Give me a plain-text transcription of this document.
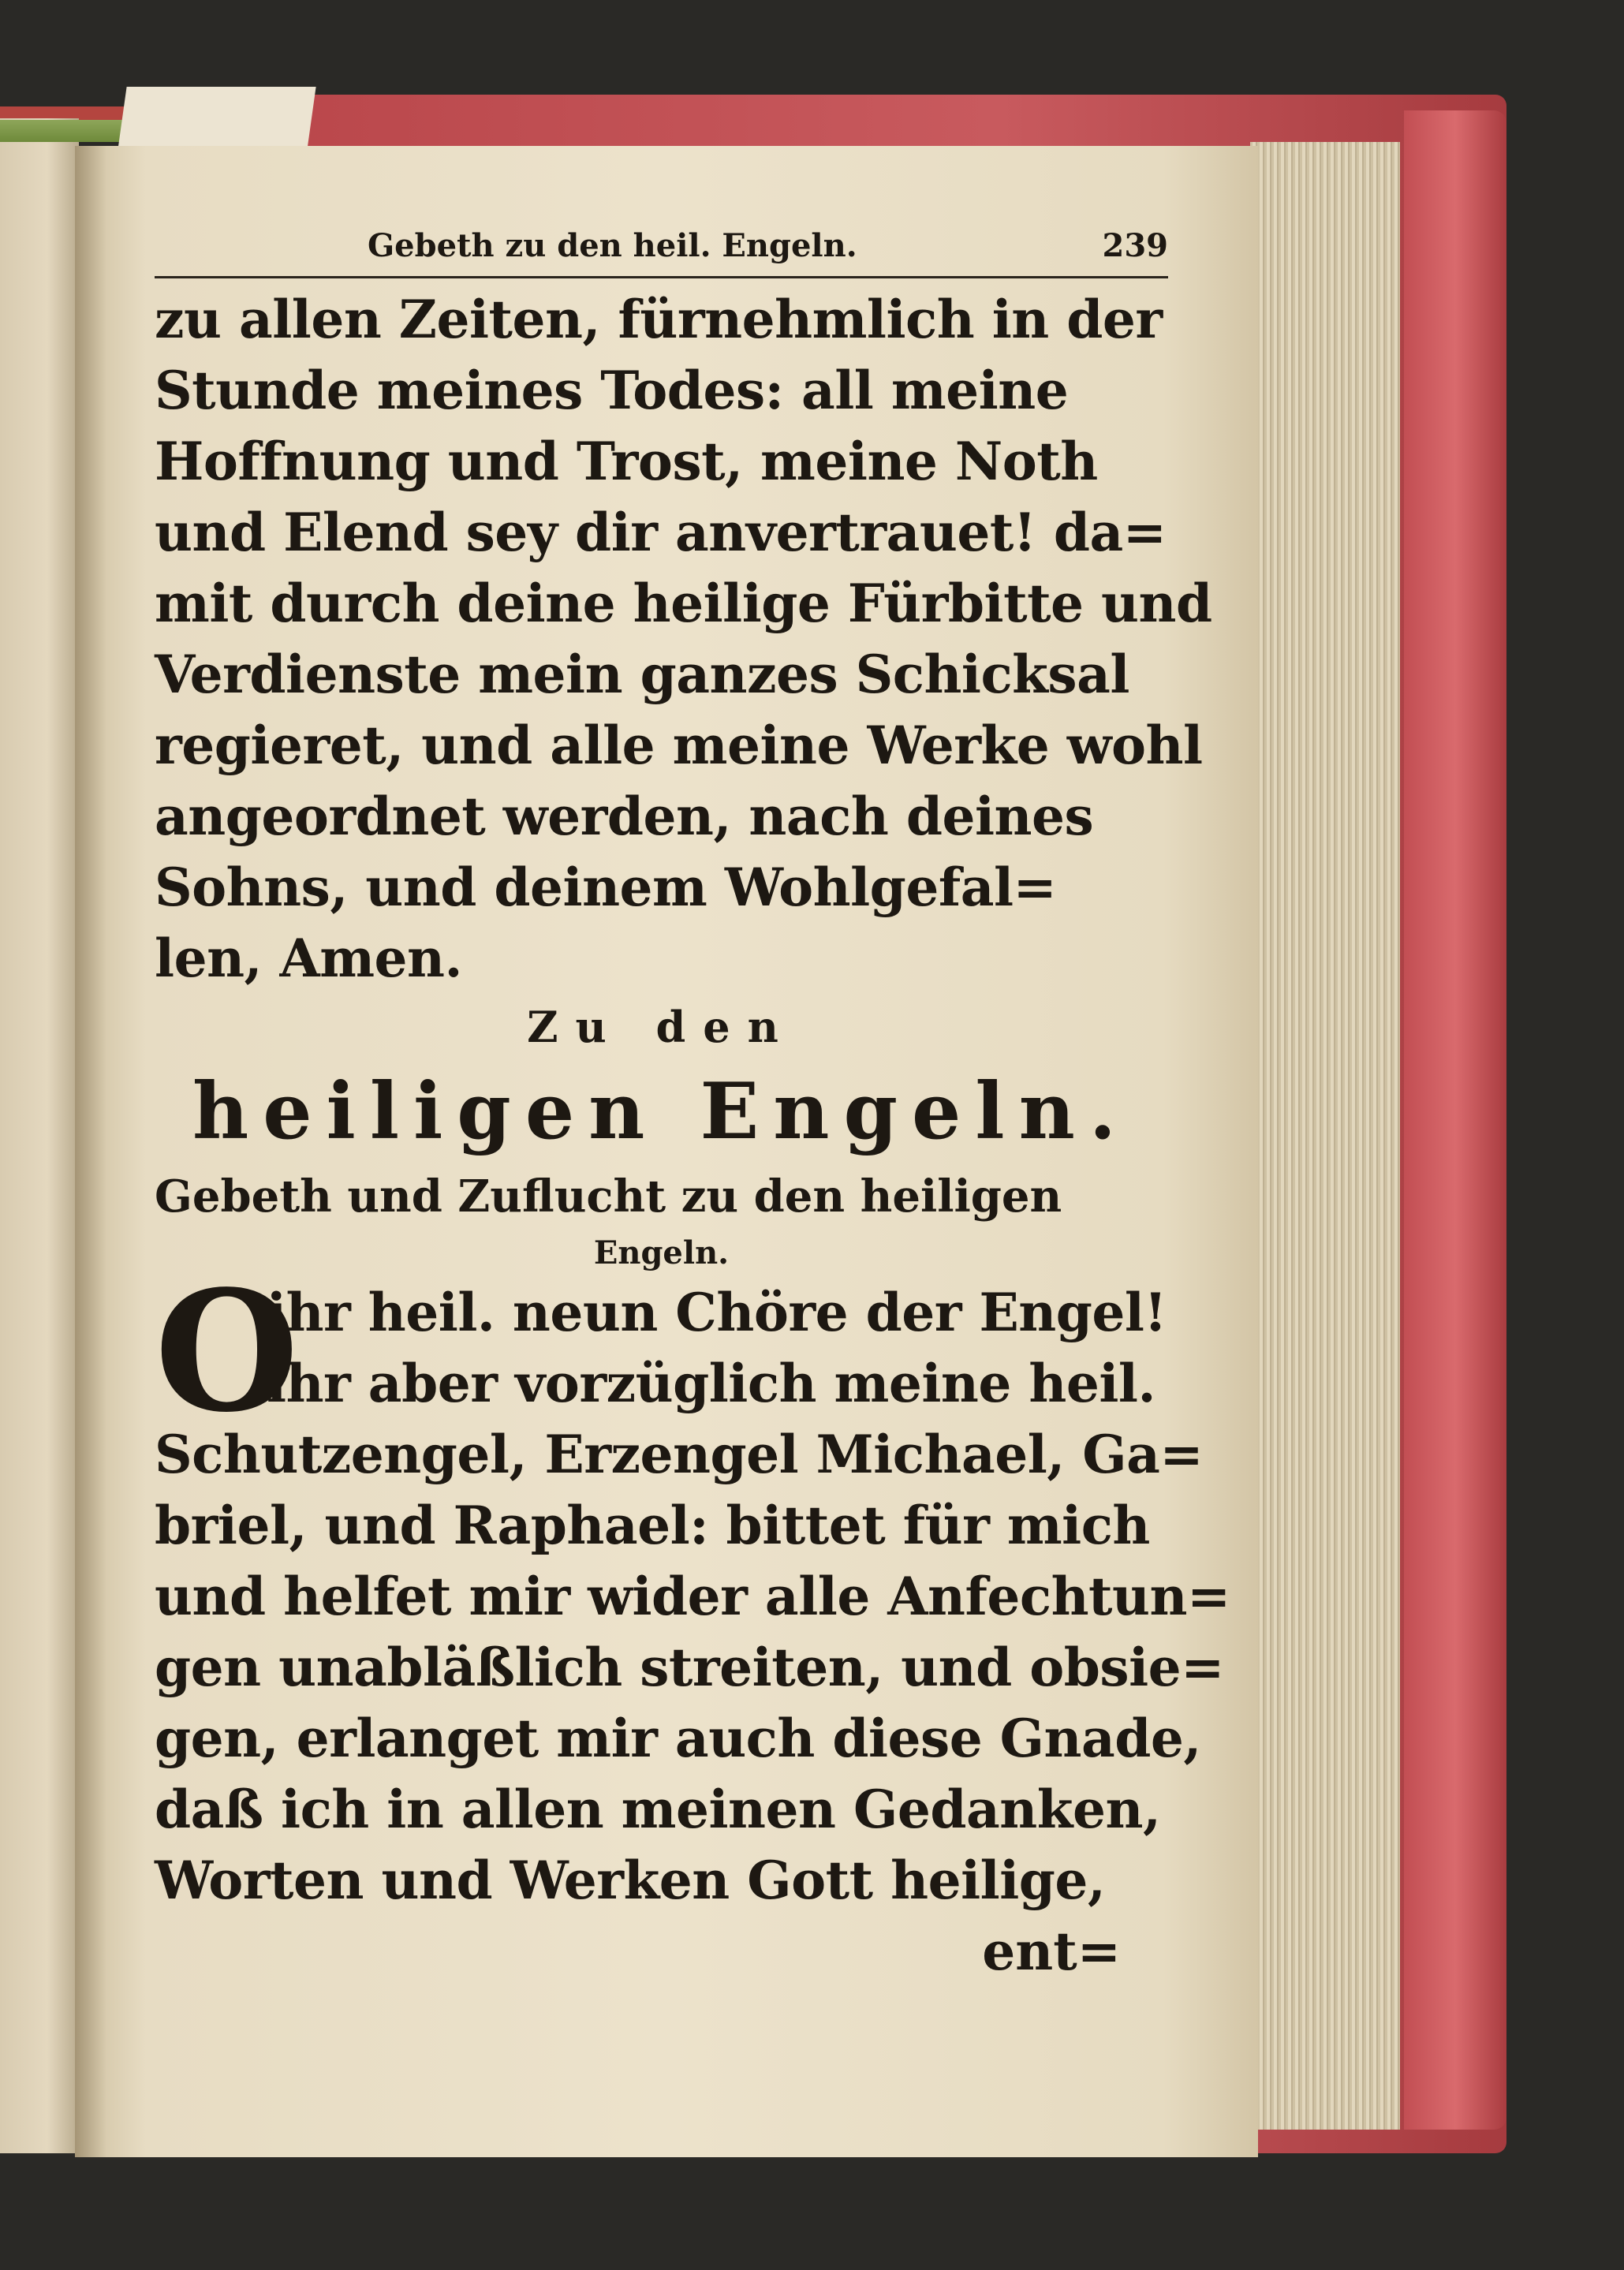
Gebeth zu den heil. Engeln.	239
zu allen Zeiten, fürnehmlich in der
Stunde meines Todes: all meine
Hoffnung und Trost, meine Noth
und Elend sey dir anvertrauet! da=
mit durch deine heilige Fürbitte und
Verdienste mein ganzes Schicksal
regieret, und alle meine Werke wohl
angeordnet werden, nach deines
Sohns, und deinem Wohlgefal=
len, Amen.
Zu den
heiligen Engeln.
Gebeth und Zuflucht zu den heiligen
Engeln.
O
ihr heil. neun Chöre der Engel!
ihr aber vorzüglich meine heil.
Schutzengel, Erzengel Michael, Ga=
briel, und Raphael: bittet für mich
und helfet mir wider alle Anfechtun=
gen unabläßlich streiten, und obsie=
gen, erlanget mir auch diese Gnade,
daß ich in allen meinen Gedanken,
Worten und Werken Gott heilige,
ent=
